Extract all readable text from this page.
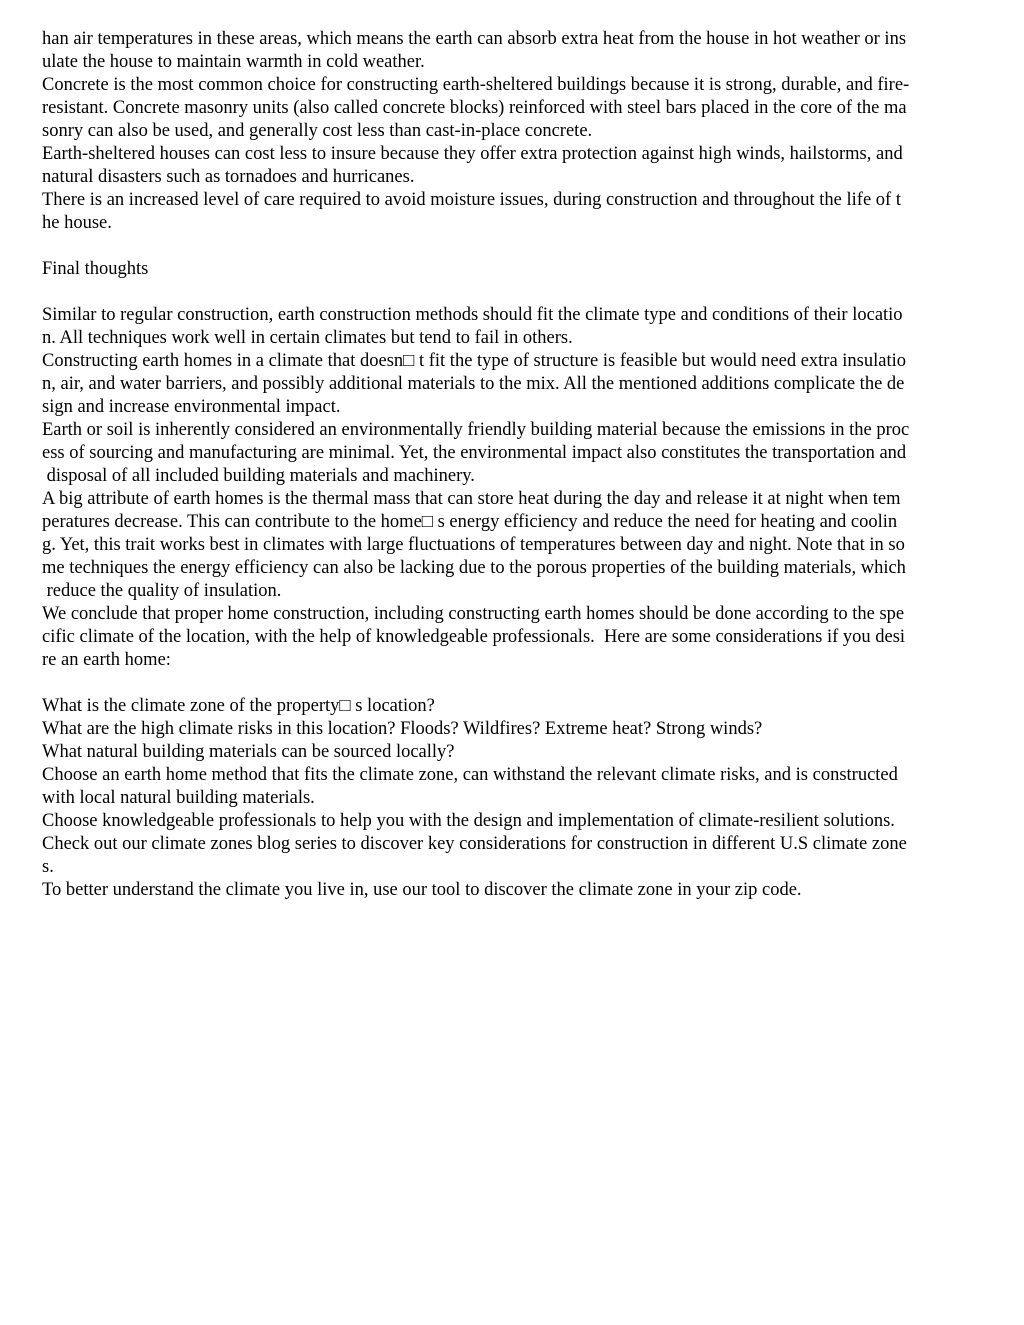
han air temperatures in these areas, which means the earth can absorb extra heat from the house in hot weather or ins
ulate the house to maintain warmth in cold weather.
Concrete is the most common choice for constructing earth-sheltered buildings because it is strong, durable, and fire-
resistant. Concrete masonry units (also called concrete blocks) reinforced with steel bars placed in the core of the ma
sonry can also be used, and generally cost less than cast-in-place concrete.
Earth-sheltered houses can cost less to insure because they offer extra protection against high winds, hailstorms, and
natural disasters such as tornadoes and hurricanes.
There is an increased level of care required to avoid moisture issues, during construction and throughout the life of t
he house.
Final thoughts
Similar to regular construction, earth construction methods should fit the climate type and conditions of their locatio
n. All techniques work well in certain climates but tend to fail in others.
Constructing earth homes in a climate that doesn□ t fit the type of structure is feasible but would need extra insulatio
n, air, and water barriers, and possibly additional materials to the mix. All the mentioned additions complicate the de
sign and increase environmental impact.
Earth or soil is inherently considered an environmentally friendly building material because the emissions in the proc
ess of sourcing and manufacturing are minimal. Yet, the environmental impact also constitutes the transportation and
disposal of all included building materials and machinery.
A big attribute of earth homes is the thermal mass that can store heat during the day and release it at night when tem
peratures decrease. This can contribute to the home□ s energy efficiency and reduce the need for heating and coolin
g. Yet, this trait works best in climates with large fluctuations of temperatures between day and night. Note that in so
me techniques the energy efficiency can also be lacking due to the porous properties of the building materials, which
reduce the quality of insulation.
We conclude that proper home construction, including constructing earth homes should be done according to the spe
cific climate of the location, with the help of knowledgeable professionals.  Here are some considerations if you desi
re an earth home:
What is the climate zone of the property□ s location?
What are the high climate risks in this location? Floods? Wildfires? Extreme heat? Strong winds?
What natural building materials can be sourced locally?
Choose an earth home method that fits the climate zone, can withstand the relevant climate risks, and is constructed
with local natural building materials.
Choose knowledgeable professionals to help you with the design and implementation of climate-resilient solutions.
Check out our climate zones blog series to discover key considerations for construction in different U.S climate zone
s.
To better understand the climate you live in, use our tool to discover the climate zone in your zip code.
